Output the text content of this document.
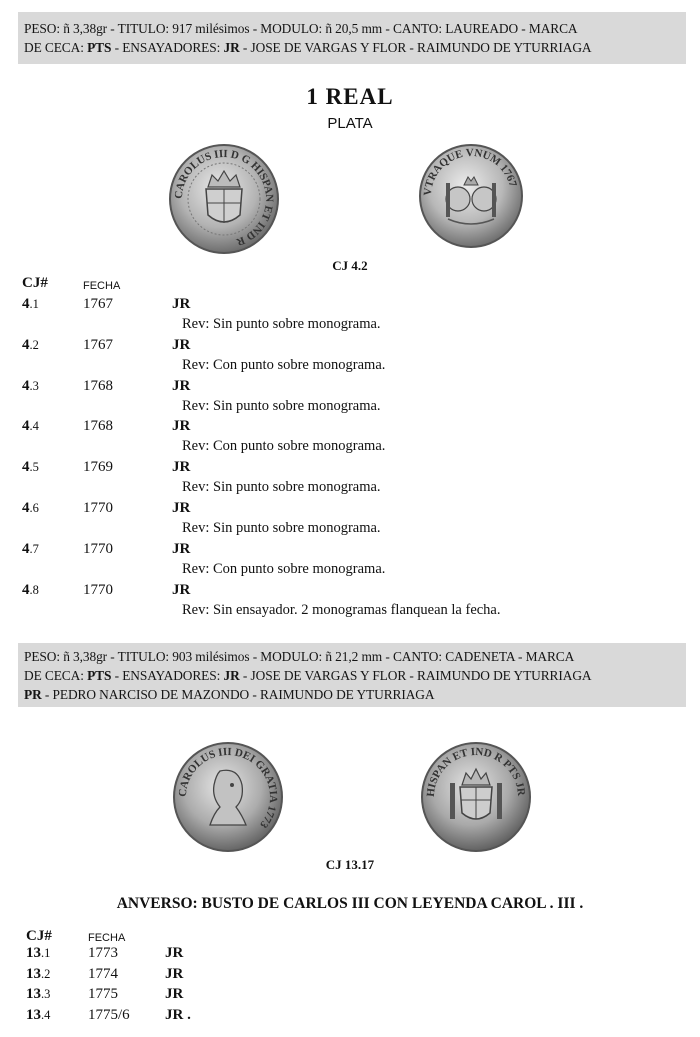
PESO: ñ 3,38gr - TITULO: 917 milésimos - MODULO: ñ 20,5 mm - CANTO: LAUREADO - MARCA
DE CECA: PTS - ENSAYADORES: JR - JOSE DE VARGAS Y FLOR - RAIMUNDO DE YTURRIAGA
1 REAL
PLATA
CAROLUS III D G HISPAN ET IND R
VTRAQUE VNUM 1767
CJ 4.2
CJ#	FECHA
4.1	1767	JR
Rev: Sin punto sobre monograma.
4.2	1767	JR
Rev: Con punto sobre monograma.
4.3	1768	JR
Rev: Sin punto sobre monograma.
4.4	1768	JR
Rev: Con punto sobre monograma.
4.5	1769	JR
Rev: Sin punto sobre monograma.
4.6	1770	JR
Rev: Sin punto sobre monograma.
4.7	1770	JR
Rev: Con punto sobre monograma.
4.8	1770	JR
Rev: Sin ensayador. 2 monogramas flanquean la fecha.
PESO: ñ 3,38gr - TITULO: 903 milésimos - MODULO: ñ 21,2 mm - CANTO: CADENETA - MARCA
DE CECA: PTS - ENSAYADORES: JR - JOSE DE VARGAS Y FLOR - RAIMUNDO DE YTURRIAGA
PR - PEDRO NARCISO DE MAZONDO - RAIMUNDO DE YTURRIAGA
CAROLUS III DEI GRATIA 1773
HISPAN ET IND R PTS JR
CJ 13.17
ANVERSO: BUSTO DE CARLOS III CON LEYENDA CAROL . III .
CJ#	FECHA
13.1	1773	JR
13.2	1774	JR
13.3	1775	JR
13.4	1775/6 JR .
